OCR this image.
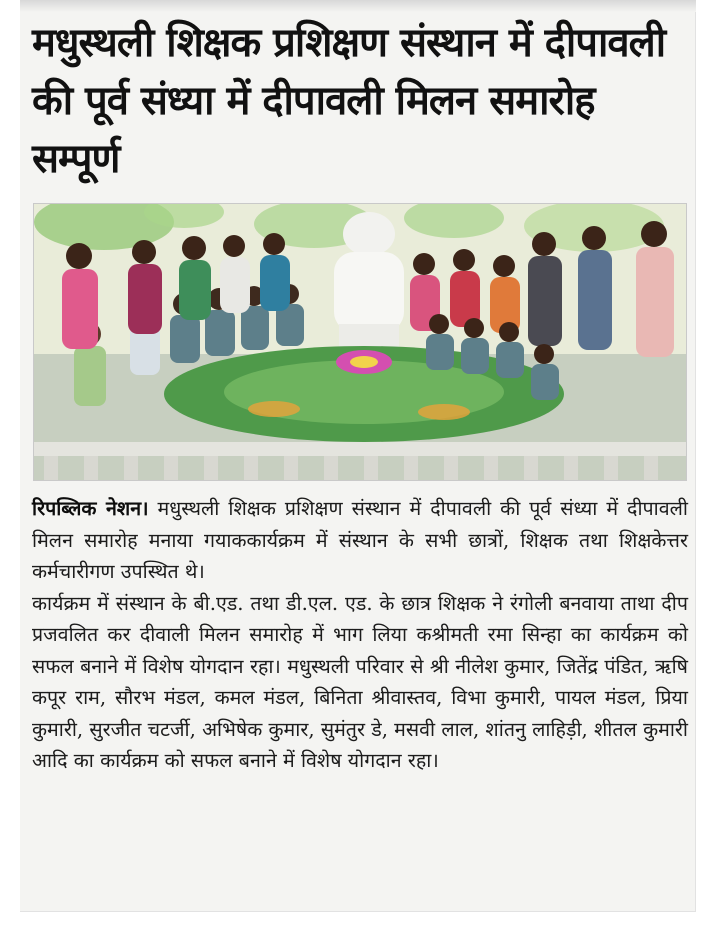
मधुस्थली शिक्षक प्रशिक्षण संस्थान में दीपावली की पूर्व संध्या में दीपावली मिलन समारोह सम्पूर्ण

रिपब्लिक नेशन। मधुस्थली शिक्षक प्रशिक्षण संस्थान में दीपावली की पूर्व संध्या में दीपावली मिलन समारोह मनाया गयाककार्यक्रम में संस्थान के सभी छात्रों, शिक्षक तथा शिक्षकेत्तर कर्मचारीगण उपस्थित थे।

कार्यक्रम में संस्थान के बी.एड. तथा डी.एल. एड. के छात्र शिक्षक ने रंगोली बनवाया ताथा दीप प्रजवलित कर दीवाली मिलन समारोह में भाग लिया कश्रीमती रमा सिन्हा का कार्यक्रम को सफल बनाने में विशेष योगदान रहा। मधुस्थली परिवार से श्री नीलेश कुमार, जितेंद्र पंडित, ऋषि कपूर राम, सौरभ मंडल, कमल मंडल, बिनिता श्रीवास्तव, विभा कुमारी, पायल मंडल, प्रिया कुमारी, सुरजीत चटर्जी, अभिषेक कुमार, सुमंतुर डे, मसवी लाल, शांतनु लाहिड़ी, शीतल कुमारी आदि का कार्यक्रम को सफल बनाने में विशेष योगदान रहा।
